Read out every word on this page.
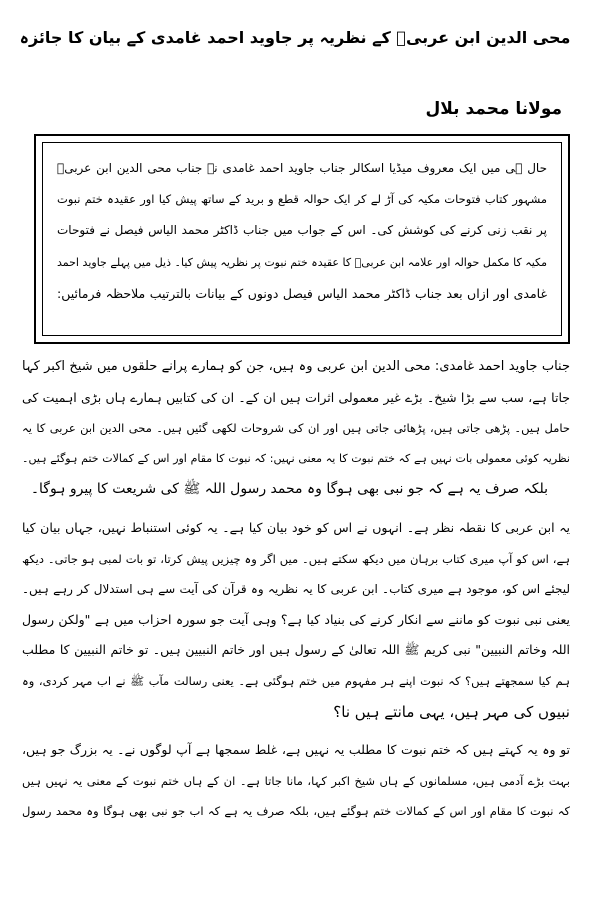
محی الدین ابن عربیؒ کے نظریہ پر جاوید احمد غامدی کے بیان کا جائزہ
مولانا محمد بلال
حال ہی میں ایک معروف میڈیا اسکالر جناب جاوید احمد غامدی نے جناب محی الدین ابن عربیؒ
مشہور کتاب فتوحات مکیہ کی آڑ لے کر ایک حوالہ قطع و برید کے ساتھ پیش کیا اور عقیدہ ختم نبوت
پر نقب زنی کرنے کی کوشش کی۔ اس کے جواب میں جناب ڈاکٹر محمد الیاس فیصل نے فتوحات
مکیہ کا مکمل حوالہ اور علامہ ابن عربیؒ کا عقیدہ ختم نبوت پر نظریہ پیش کیا۔ ذیل میں پہلے جاوید احمد
غامدی اور ازاں بعد جناب ڈاکٹر محمد الیاس فیصل دونوں کے بیانات بالترتیب ملاحظہ فرمائیں:
جناب جاوید احمد غامدی: محی الدین ابن عربی وہ ہیں، جن کو ہمارے پرانے حلقوں میں شیخ اکبر کہا
جاتا ہے، سب سے بڑا شیخ۔ بڑے غیر معمولی اثرات ہیں ان کے۔ ان کی کتابیں ہمارے ہاں بڑی اہمیت کی
حامل ہیں۔ پڑھی جاتی ہیں، پڑھائی جاتی ہیں اور ان کی شروحات لکھی گئیں ہیں۔ محی الدین ابن عربی کا یہ
نظریہ کوئی معمولی بات نہیں ہے کہ ختم نبوت کا یہ معنی نہیں: کہ نبوت کا مقام اور اس کے کمالات ختم ہوگئے ہیں۔
بلکہ صرف یہ ہے کہ جو نبی بھی ہوگا وہ محمد رسول اللہ ﷺ کی شریعت کا پیرو ہوگا۔
یہ ابن عربی کا نقطہ نظر ہے۔ انہوں نے اس کو خود بیان کیا ہے۔ یہ کوئی استنباط نہیں، جہاں بیان کیا
ہے، اس کو آپ میری کتاب برہان میں دیکھ سکتے ہیں۔ میں اگر وہ چیزیں پیش کرتا، تو بات لمبی ہو جاتی۔ دیکھ
لیجئے اس کو، موجود ہے میری کتاب۔ ابن عربی کا یہ نظریہ وہ قرآن کی آیت سے ہی استدلال کر رہے ہیں۔
یعنی نبی نبوت کو ماننے سے انکار کرنے کی بنیاد کیا ہے؟ وہی آیت جو سورہ احزاب میں ہے "ولکن رسول
اللہ وخاتم النبیین" نبی کریم ﷺ اللہ تعالیٰ کے رسول ہیں اور خاتم النبیین ہیں۔ تو خاتم النبیین کا مطلب
ہم کیا سمجھتے ہیں؟ کہ نبوت اپنے ہر مفہوم میں ختم ہوگئی ہے۔ یعنی رسالت مآب ﷺ نے اب مہر کردی، وہ
نبیوں کی مہر ہیں، یہی مانتے ہیں نا؟
تو وہ یہ کہتے ہیں کہ ختم نبوت کا مطلب یہ نہیں ہے، غلط سمجھا ہے آپ لوگوں نے۔ یہ بزرگ جو ہیں،
بہت بڑے آدمی ہیں، مسلمانوں کے ہاں شیخ اکبر کہا، مانا جاتا ہے۔ ان کے ہاں ختم نبوت کے معنی یہ نہیں ہیں
کہ نبوت کا مقام اور اس کے کمالات ختم ہوگئے ہیں، بلکہ صرف یہ ہے کہ اب جو نبی بھی ہوگا وہ محمد رسول
